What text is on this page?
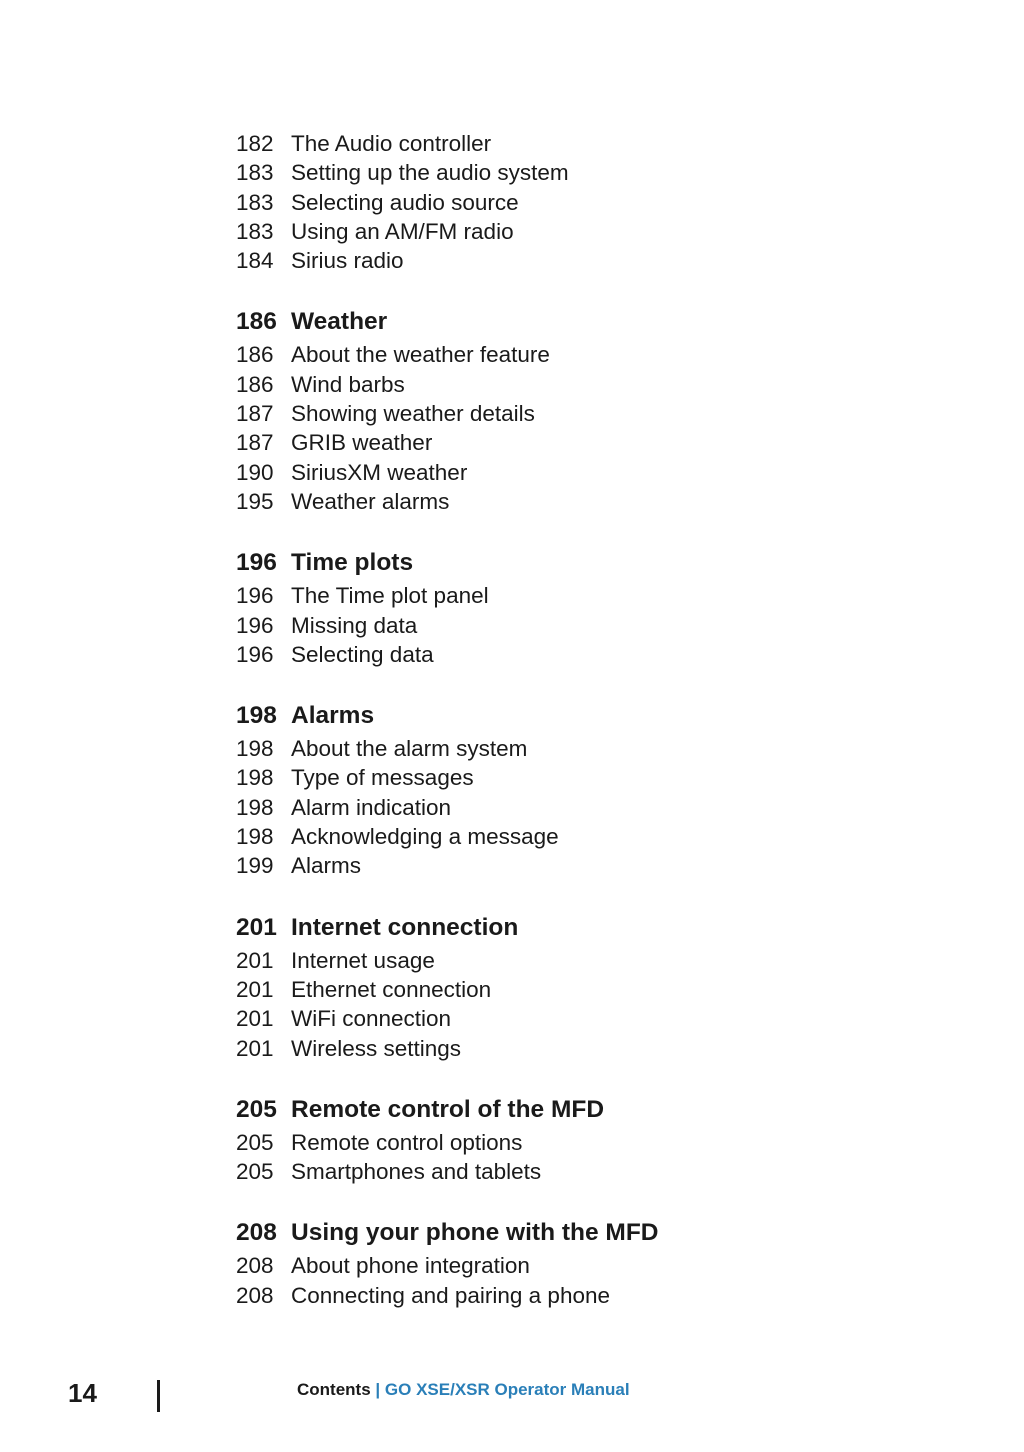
182 The Audio controller
183 Setting up the audio system
183 Selecting audio source
183 Using an AM/FM radio
184 Sirius radio
186 Weather
186 About the weather feature
186 Wind barbs
187 Showing weather details
187 GRIB weather
190 SiriusXM weather
195 Weather alarms
196 Time plots
196 The Time plot panel
196 Missing data
196 Selecting data
198 Alarms
198 About the alarm system
198 Type of messages
198 Alarm indication
198 Acknowledging a message
199 Alarms
201 Internet connection
201 Internet usage
201 Ethernet connection
201 WiFi connection
201 Wireless settings
205 Remote control of the MFD
205 Remote control options
205 Smartphones and tablets
208 Using your phone with the MFD
208 About phone integration
208 Connecting and pairing a phone
14	Contents | GO XSE/XSR Operator Manual
